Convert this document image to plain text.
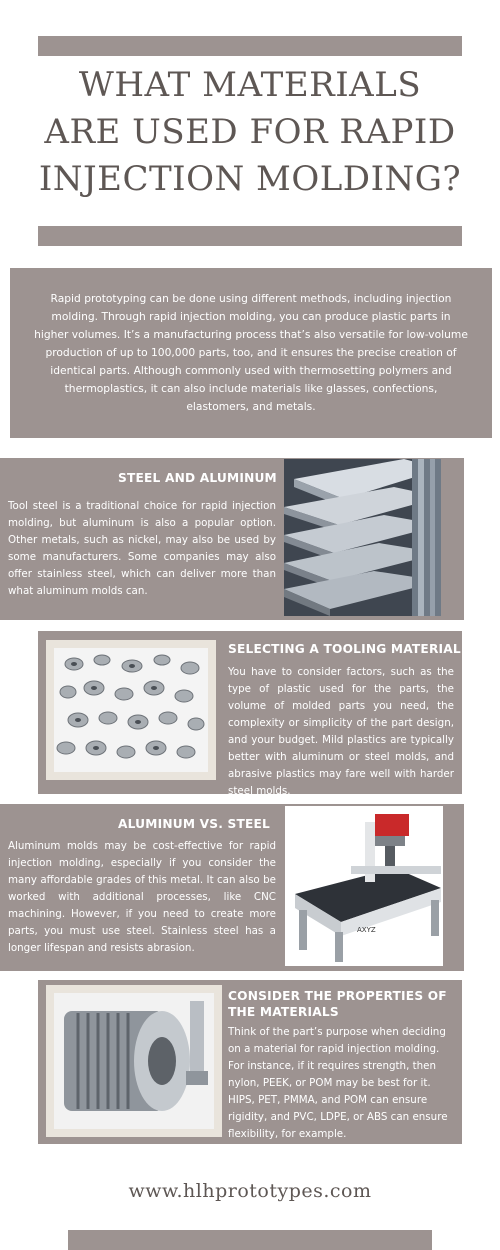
WHAT MATERIALS
ARE USED FOR RAPID
INJECTION MOLDING?
Rapid prototyping can be done using different methods, including injection molding. Through rapid injection molding, you can produce plastic parts in higher volumes. It’s a manufacturing process that’s also versatile for low-volume production of up to 100,000 parts, too, and it ensures the precise creation of identical parts. Although commonly used with thermosetting polymers and thermoplastics, it can also include materials like glasses, confections, elastomers, and metals.
STEEL AND ALUMINUM
Tool steel is a traditional choice for rapid injection molding, but aluminum is also a popular option. Other metals, such as nickel, may also be used by some manufacturers. Some companies may also offer stainless steel, which can deliver more than what aluminum molds can.
SELECTING A TOOLING MATERIAL
You have to consider factors, such as the type of plastic used for the parts, the volume of molded parts you need, the complexity or simplicity of the part design, and your budget. Mild plastics are typically better with aluminum or steel molds, and abrasive plastics may fare well with harder steel molds.
ALUMINUM VS. STEEL
Aluminum molds may be cost-effective for rapid injection molding, especially if you consider the many affordable grades of this metal. It can also be worked with additional processes, like CNC machining. However, if you need to create more parts, you must use steel. Stainless steel has a longer lifespan and resists abrasion.
AXYZ
CONSIDER THE PROPERTIES OF THE MATERIALS
Think of the part’s purpose when deciding on a material for rapid injection molding. For instance, if it requires strength, then nylon, PEEK, or POM may be best for it. HIPS, PET, PMMA, and POM can ensure rigidity, and PVC, LDPE, or ABS can ensure flexibility, for example.
www.hlhprototypes.com
